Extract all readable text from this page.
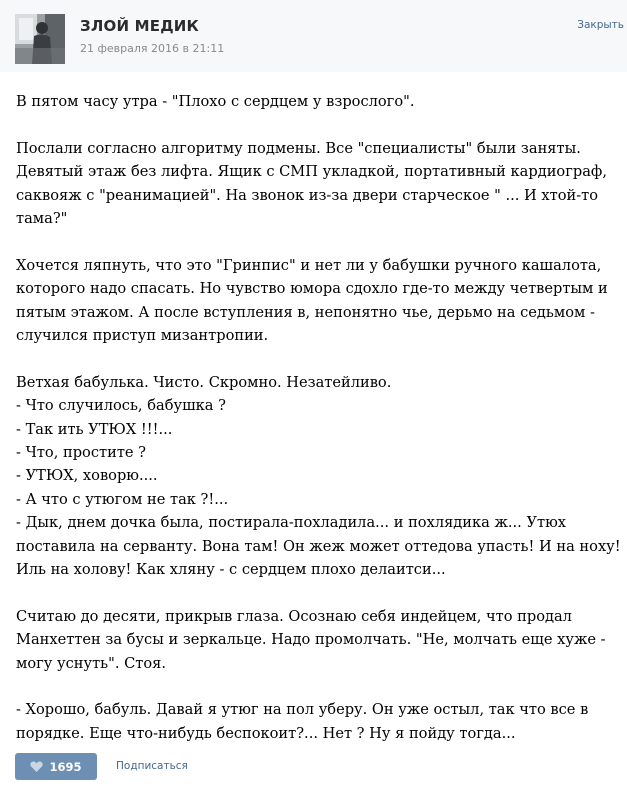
ЗЛОЙ МЕДИК
21 февраля 2016 в 21:11
Закрыть

В пятом часу утра - "Плохо с сердцем у взрослого".

Послали согласно алгоритму подмены. Все "специалисты" были заняты.

Девятый этаж без лифта. Ящик с СМП укладкой, портативный кардиограф,

саквояж с "реанимацией". На звонок из-за двери старческое " ... И хтой-то

тама?"

Хочется ляпнуть, что это "Гринпис" и нет ли у бабушки ручного кашалота,

которого надо спасать. Но чувство юмора сдохло где-то между четвертым и

пятым этажом. А после вступления в, непонятно чье, дерьмо на седьмом -

случился приступ мизантропии.

Ветхая бабулька. Чисто. Скромно. Незатейливо.

- Что случилось, бабушка ?

- Так ить УТЮХ !!!...

- Что, простите ?

- УТЮХ, ховорю....

- А что с утюгом не так ?!...

- Дык, днем дочка была, постирала-похладила... и похлядика ж... Утюх

поставила на серванту. Вона там! Он жеж может оттедова упасть! И на ноху!

Иль на холову! Как хляну - с сердцем плохо делаитси...

Считаю до десяти, прикрыв глаза. Осознаю себя индейцем, что продал

Манхеттен за бусы и зеркальце. Надо промолчать. "Не, молчать еще хуже -

могу уснуть". Стоя.

- Хорошо, бабуль. Давай я утюг на пол уберу. Он уже остыл, так что все в

порядке. Еще что-нибудь беспокоит?... Нет ? Ну я пойду тогда...

1695	Подписаться
